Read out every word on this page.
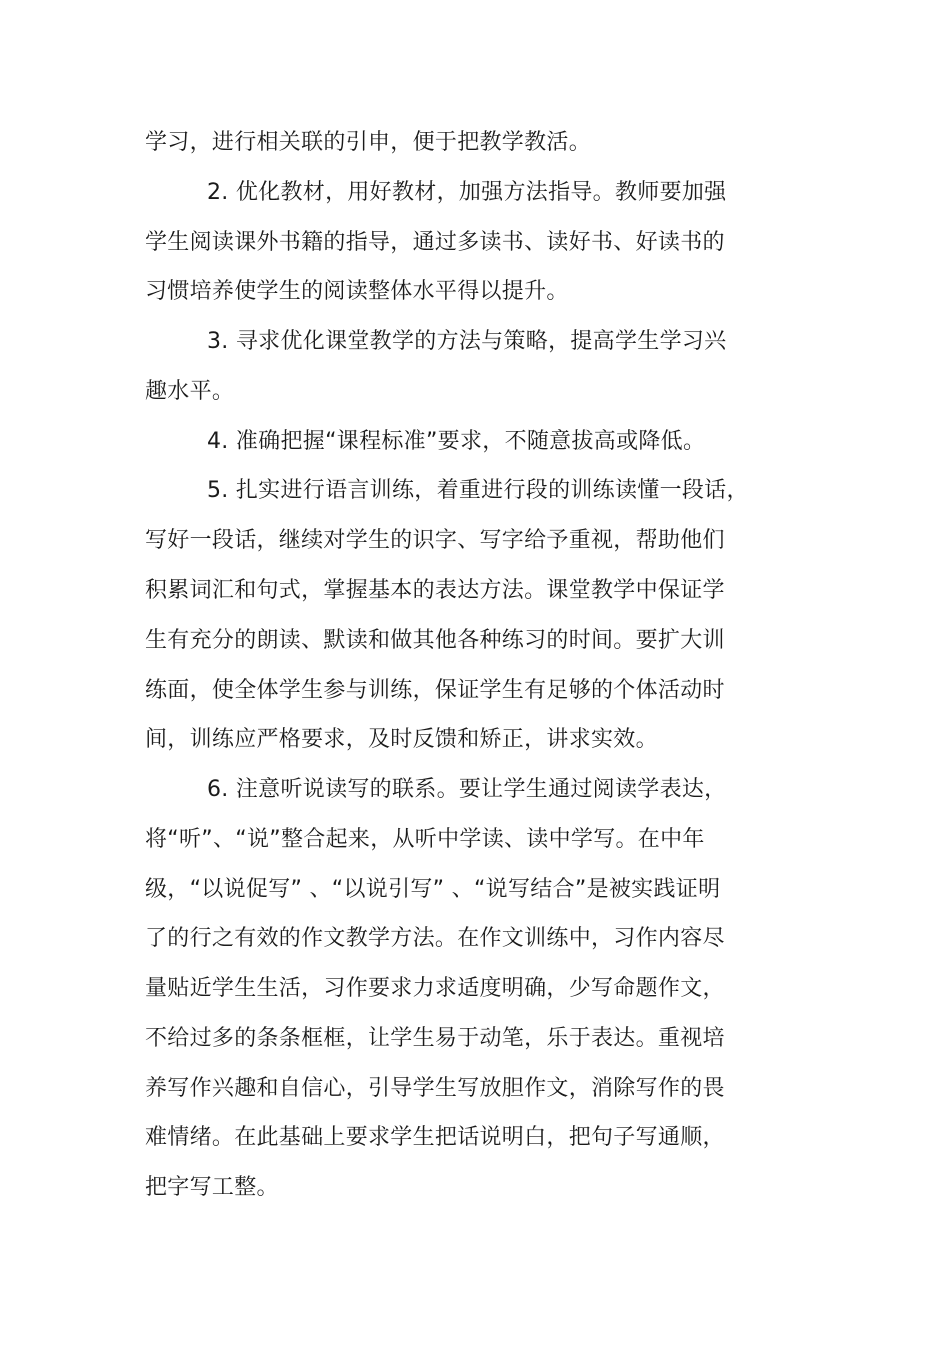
学习，进行相关联的引申，便于把教学教活。

2. 优化教材，用好教材，加强方法指导。教师要加强

学生阅读课外书籍的指导，通过多读书、读好书、好读书的

习惯培养使学生的阅读整体水平得以提升。

3. 寻求优化课堂教学的方法与策略，提高学生学习兴

趣水平。

4. 准确把握“课程标准”要求，不随意拔高或降低。

5. 扎实进行语言训练，着重进行段的训练读懂一段话，

写好一段话，继续对学生的识字、写字给予重视，帮助他们

积累词汇和句式，掌握基本的表达方法。课堂教学中保证学

生有充分的朗读、默读和做其他各种练习的时间。要扩大训

练面，使全体学生参与训练，保证学生有足够的个体活动时

间，训练应严格要求，及时反馈和矫正，讲求实效。

6. 注意听说读写的联系。要让学生通过阅读学表达，

将“听”、“说”整合起来，从听中学读、读中学写。在中年

级，“以说促写” 、“以说引写” 、“说写结合”是被实践证明

了的行之有效的作文教学方法。在作文训练中，习作内容尽

量贴近学生生活，习作要求力求适度明确，少写命题作文，

不给过多的条条框框，让学生易于动笔，乐于表达。重视培

养写作兴趣和自信心，引导学生写放胆作文，消除写作的畏

难情绪。在此基础上要求学生把话说明白，把句子写通顺，

把字写工整。
